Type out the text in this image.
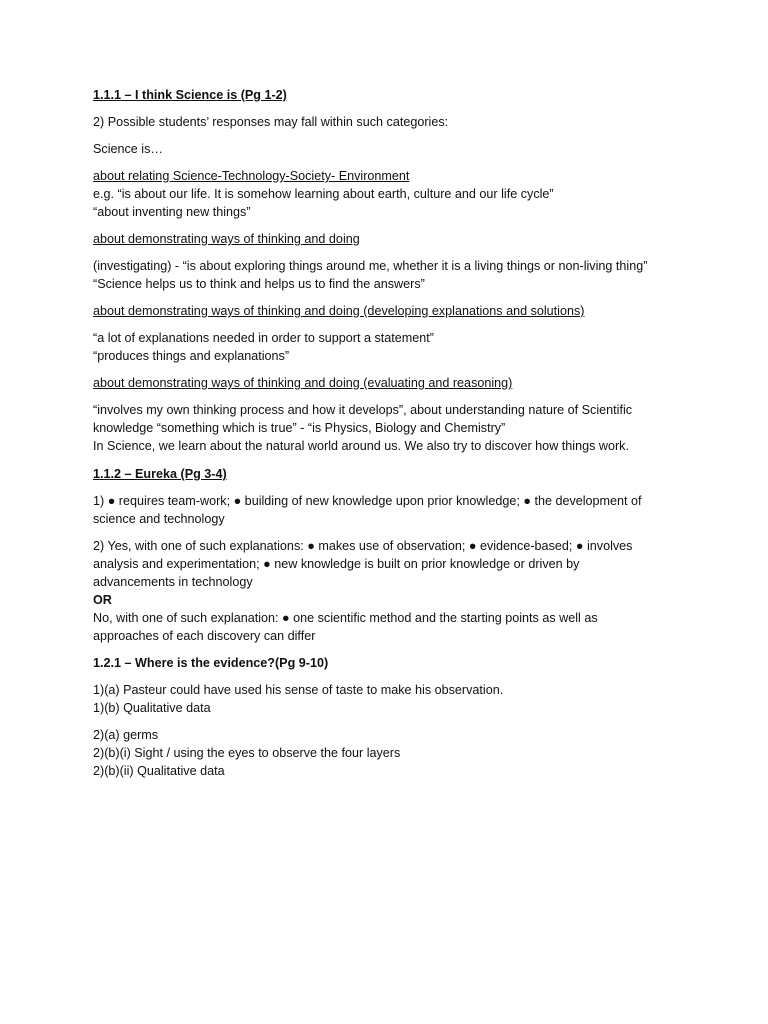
1.1.1 – I think Science is (Pg 1-2)

2) Possible students’ responses may fall within such categories:

Science is…

about relating Science-Technology-Society- Environment

e.g. “is about our life. It is somehow learning about earth, culture and our life cycle”

“about inventing new things”

about demonstrating ways of thinking and doing

(investigating) - “is about exploring things around me, whether it is a living things or non-living thing”

“Science helps us to think and helps us to find the answers”

about demonstrating ways of thinking and doing (developing explanations and solutions)

“a lot of explanations needed in order to support a statement”

“produces things and explanations”

about demonstrating ways of thinking and doing (evaluating and reasoning)

“involves my own thinking process and how it develops”, about understanding nature of Scientific

knowledge “something which is true” - “is Physics, Biology and Chemistry”

In Science, we learn about the natural world around us. We also try to discover how things work.

1.1.2 – Eureka (Pg 3-4)

1) ● requires team-work; ● building of new knowledge upon prior knowledge; ● the development of

science and technology

2) Yes, with one of such explanations: ● makes use of observation; ● evidence-based; ● involves

analysis and experimentation; ● new knowledge is built on prior knowledge or driven by

advancements in technology

OR

No, with one of such explanation: ● one scientific method and the starting points as well as

approaches of each discovery can differ

1.2.1 – Where is the evidence?(Pg 9-10)

1)(a) Pasteur could have used his sense of taste to make his observation.

1)(b) Qualitative data

2)(a) germs

2)(b)(i) Sight / using the eyes to observe the four layers

2)(b)(ii) Qualitative data
